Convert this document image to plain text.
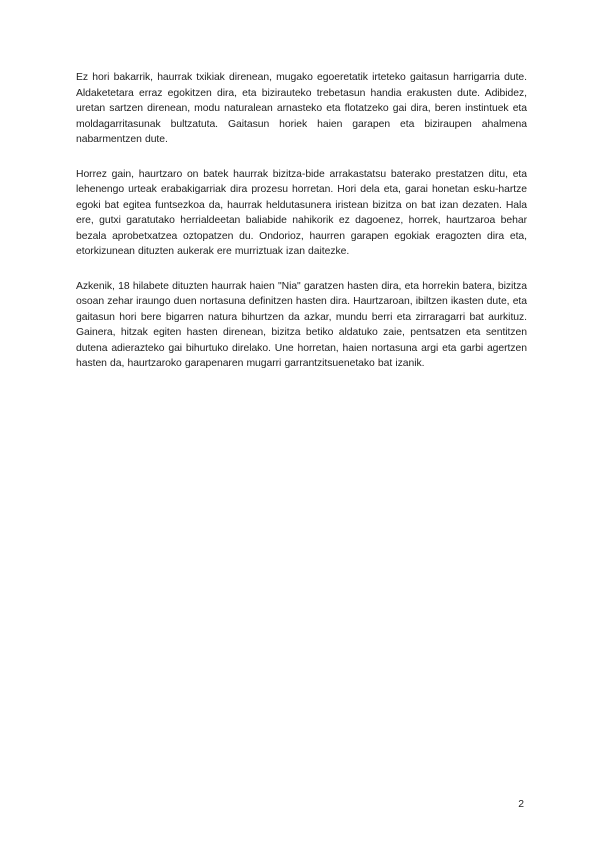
Ez hori bakarrik, haurrak txikiak direnean, mugako egoeretatik irteteko gaitasun harrigarria dute. Aldaketetara erraz egokitzen dira, eta bizirauteko trebetasun handia erakusten dute. Adibidez, uretan sartzen direnean, modu naturalean arnasteko eta flotatzeko gai dira, beren instintuek eta moldagarritasunak bultzatuta. Gaitasun horiek haien garapen eta biziraupen ahalmena nabarmentzen dute.

Horrez gain, haurtzaro on batek haurrak bizitza-bide arrakastatsu baterako prestatzen ditu, eta lehenengo urteak erabakigarriak dira prozesu horretan. Hori dela eta, garai honetan esku-hartze egoki bat egitea funtsezkoa da, haurrak heldutasunera iristean bizitza on bat izan dezaten. Hala ere, gutxi garatutako herrialdeetan baliabide nahikorik ez dagoenez, horrek, haurtzaroa behar bezala aprobetxatzea oztopatzen du. Ondorioz, haurren garapen egokiak eragozten dira eta, etorkizunean dituzten aukerak ere murriztuak izan daitezke.

Azkenik, 18 hilabete dituzten haurrak haien "Nia" garatzen hasten dira, eta horrekin batera, bizitza osoan zehar iraungo duen nortasuna definitzen hasten dira. Haurtzaroan, ibiltzen ikasten dute, eta gaitasun hori bere bigarren natura bihurtzen da azkar, mundu berri eta zirraragarri bat aurkituz. Gainera, hitzak egiten hasten direnean, bizitza betiko aldatuko zaie, pentsatzen eta sentitzen dutena adierazteko gai bihurtuko direlako. Une horretan, haien nortasuna argi eta garbi agertzen hasten da, haurtzaroko garapenaren mugarri garrantzitsuenetako bat izanik.

2
